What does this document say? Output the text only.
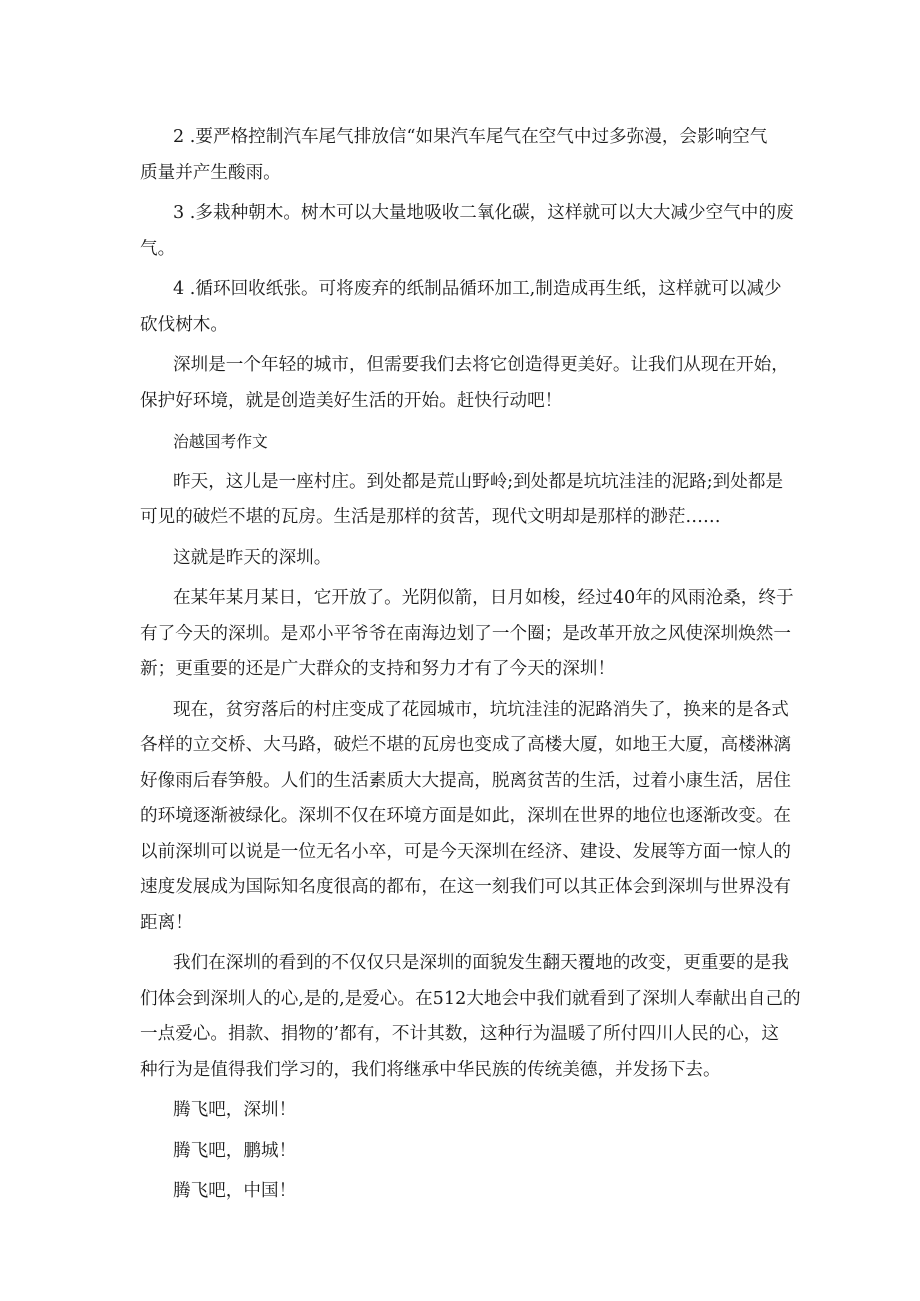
2 .要严格控制汽车尾气排放信“如果汽车尾气在空气中过多弥漫，会影响空气
质量并产生酸雨。

3 .多栽种朝木。树木可以大量地吸收二氧化碳，这样就可以大大减少空气中的废
气。

4 .循环回收纸张。可将废弃的纸制品循环加工,制造成再生纸，这样就可以减少
砍伐树木。

深圳是一个年轻的城市，但需要我们去将它创造得更美好。让我们从现在开始，
保护好环境，就是创造美好生活的开始。赶快行动吧！

治越国考作文

昨天，这儿是一座村庄。到处都是荒山野岭;到处都是坑坑洼洼的泥路;到处都是
可见的破烂不堪的瓦房。生活是那样的贫苦，现代文明却是那样的渺茫……

这就是昨天的深圳。

在某年某月某日，它开放了。光阴似箭，日月如梭，经过40年的风雨沧桑，终于
有了今天的深圳。是邓小平爷爷在南海边划了一个圈；是改革开放之风使深圳焕然一
新；更重要的还是广大群众的支持和努力才有了今天的深圳！

现在，贫穷落后的村庄变成了花园城市，坑坑洼洼的泥路消失了，换来的是各式
各样的立交桥、大马路，破烂不堪的瓦房也变成了高楼大厦，如地王大厦，高楼淋漓
好像雨后春笋般。人们的生活素质大大提高，脱离贫苦的生活，过着小康生活，居住
的环境逐渐被绿化。深圳不仅在环境方面是如此，深圳在世界的地位也逐渐改变。在
以前深圳可以说是一位无名小卒，可是今天深圳在经济、建设、发展等方面一惊人的
速度发展成为国际知名度很高的都布，在这一刻我们可以其正体会到深圳与世界没有
距离！

我们在深圳的看到的不仅仅只是深圳的面貌发生翻天覆地的改变，更重要的是我
们体会到深圳人的心,是的,是爱心。在512大地会中我们就看到了深圳人奉献出自己的
一点爱心。捐款、捐物的’都有，不计其数，这种行为温暖了所付四川人民的心，这
种行为是值得我们学习的，我们将继承中华民族的传统美德，并发扬下去。

腾飞吧，深圳！

腾飞吧，鹏城！

腾飞吧，中国！
